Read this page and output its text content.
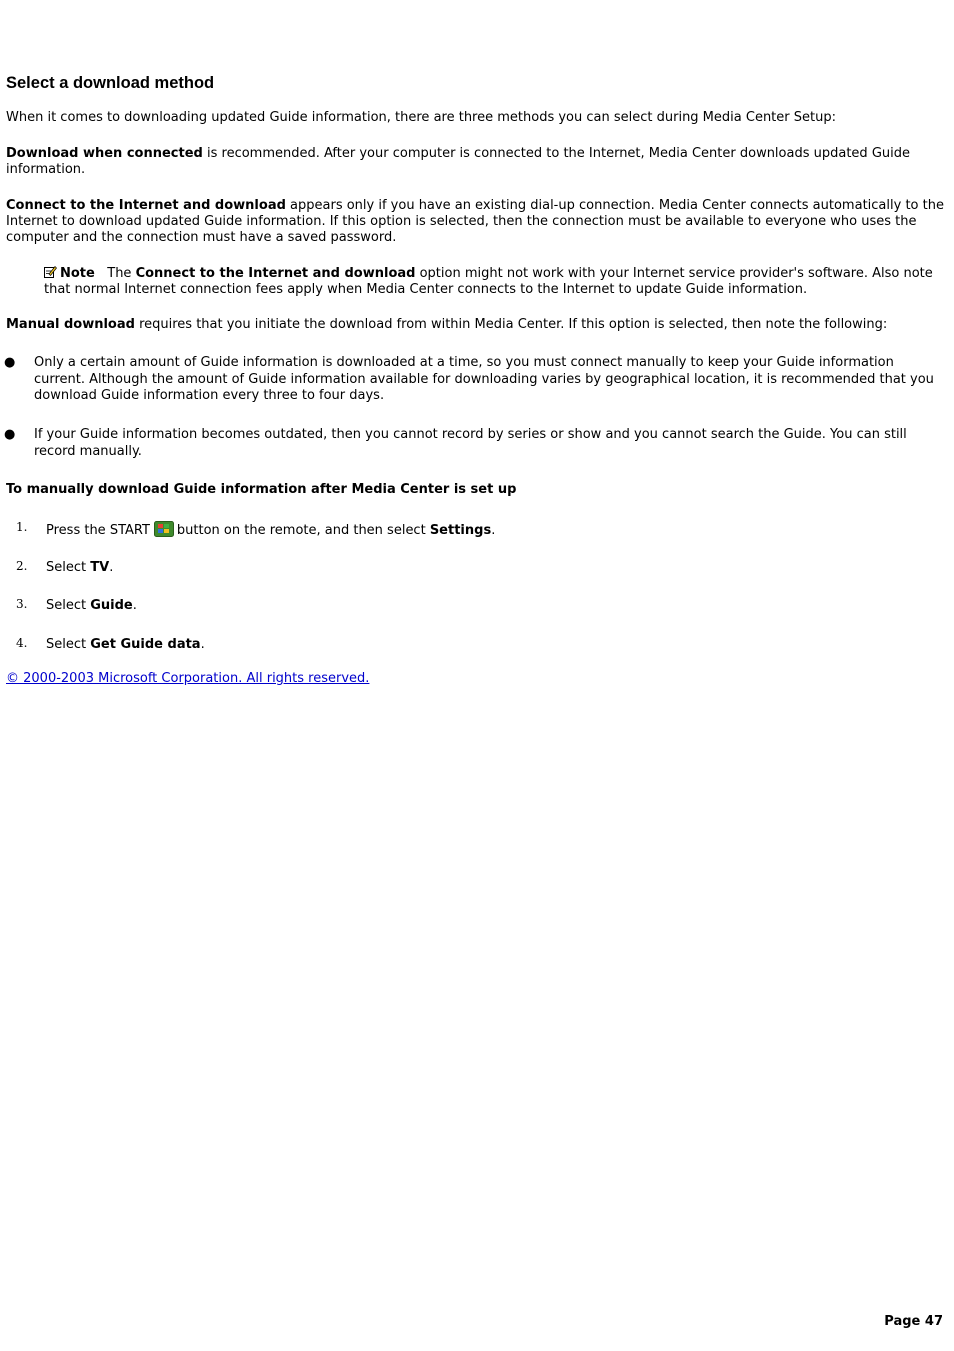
Select a download method

When it comes to downloading updated Guide information, there are three methods you can select during Media Center Setup:

Download when connected is recommended. After your computer is connected to the Internet, Media Center downloads updated Guide information.

Connect to the Internet and download appears only if you have an existing dial-up connection. Media Center connects automatically to the Internet to download updated Guide information. If this option is selected, then the connection must be available to everyone who uses the computer and the connection must have a saved password.

Note The Connect to the Internet and download option might not work with your Internet service provider's software. Also note that normal Internet connection fees apply when Media Center connects to the Internet to update Guide information.

Manual download requires that you initiate the download from within Media Center. If this option is selected, then note the following:

● Only a certain amount of Guide information is downloaded at a time, so you must connect manually to keep your Guide information current. Although the amount of Guide information available for downloading varies by geographical location, it is recommended that you download Guide information every three to four days.
● If your Guide information becomes outdated, then you cannot record by series or show and you cannot search the Guide. You can still record manually.

To manually download Guide information after Media Center is set up

1. Press the START button on the remote, and then select Settings.
2. Select TV.
3. Select Guide.
4. Select Get Guide data.
© 2000-2003 Microsoft Corporation. All rights reserved.
Page 47
